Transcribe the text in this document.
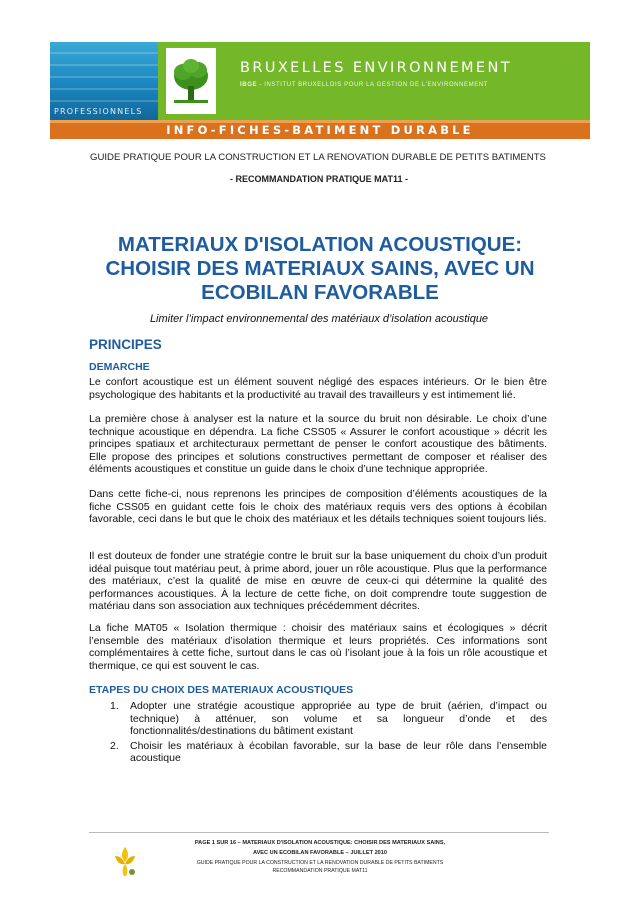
PROFESSIONNELS
BRUXELLES ENVIRONNEMENT
IBGE - INSTITUT BRUXELLOIS POUR LA GESTION DE L'ENVIRONNEMENT
INFO-FICHES-BATIMENT DURABLE
GUIDE PRATIQUE POUR LA CONSTRUCTION ET LA RENOVATION DURABLE DE PETITS BATIMENTS
- RECOMMANDATION PRATIQUE MAT11 -
MATERIAUX D'ISOLATION ACOUSTIQUE:
CHOISIR DES MATERIAUX SAINS, AVEC UN
ECOBILAN FAVORABLE
Limiter l’impact environnemental des matériaux d’isolation acoustique
PRINCIPES
DEMARCHE
Le confort acoustique est un élément souvent négligé des espaces intérieurs. Or le bien être psychologique des habitants et la productivité au travail des travailleurs y est intimement lié.
La première chose à analyser est la nature et la source du bruit non désirable. Le choix d’une technique acoustique en dépendra. La fiche CSS05 « Assurer le confort acoustique » décrit les principes spatiaux et architecturaux permettant de penser le confort acoustique des bâtiments. Elle propose des principes et solutions constructives permettant de composer et réaliser des éléments acoustiques et constitue un guide dans le choix d’une technique appropriée.
Dans cette fiche-ci, nous reprenons les principes de composition d’éléments acoustiques de la fiche CSS05 en guidant cette fois le choix des matériaux requis vers des options à écobilan favorable, ceci dans le but que le choix des matériaux et les détails techniques soient toujours liés.
Il est douteux de fonder une stratégie contre le bruit sur la base uniquement du choix d’un produit idéal puisque tout matériau peut, à prime abord, jouer un rôle acoustique. Plus que la performance des matériaux, c’est la qualité de mise en œuvre de ceux-ci qui détermine la qualité des performances acoustiques. À la lecture de cette fiche, on doit comprendre toute suggestion de matériau dans son association aux techniques précédemment décrites.
La fiche MAT05 « Isolation thermique : choisir des matériaux sains et écologiques » décrit l’ensemble des matériaux d’isolation thermique et leurs propriétés. Ces informations sont complémentaires à cette fiche, surtout dans le cas où l’isolant joue à la fois un rôle acoustique et thermique, ce qui est souvent le cas.
ETAPES DU CHOIX DES MATERIAUX ACOUSTIQUES
1. Adopter une stratégie acoustique appropriée au type de bruit (aérien, d’impact ou technique) à atténuer, son volume et sa longueur d’onde et des fonctionnalités/destinations du bâtiment existant
2. Choisir les matériaux à écobilan favorable, sur la base de leur rôle dans l’ensemble acoustique
PAGE 1 SUR 16 – MATERIAUX D'ISOLATION ACOUSTIQUE: CHOISIR DES MATERIAUX SAINS,
AVEC UN ECOBILAN FAVORABLE – JUILLET 2010
GUIDE PRATIQUE POUR LA CONSTRUCTION ET LA RENOVATION DURABLE DE PETITS BATIMENTS
RECOMMANDATION PRATIQUE MAT11
